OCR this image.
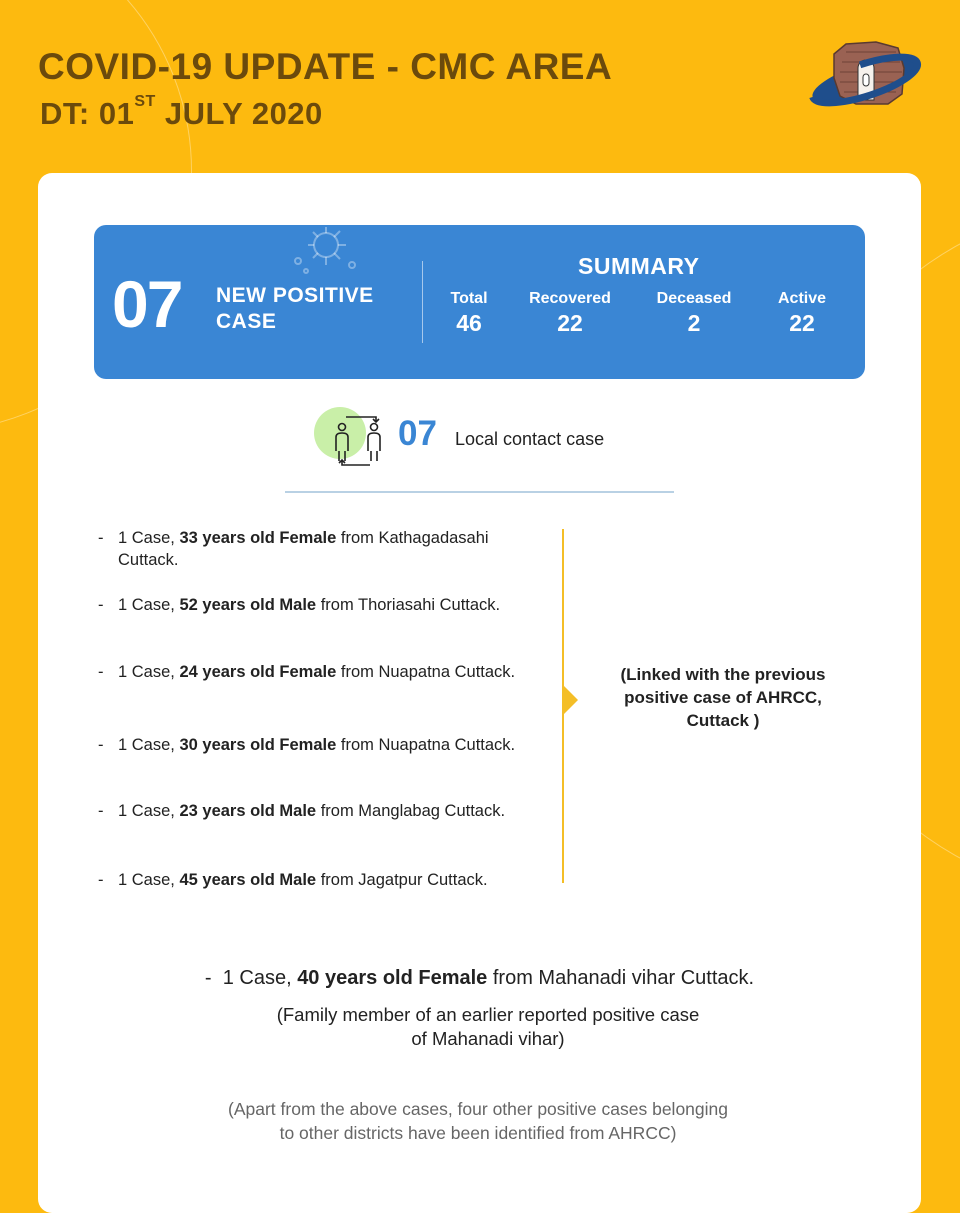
COVID-19 UPDATE - CMC AREA
DT: 01ST JULY 2020
07 NEW POSITIVE
CASE
SUMMARY
Total
46
Recovered
22
Deceased
2
Active
22
07 Local contact case
- 1 Case, 33 years old Female from Kathagadasahi Cuttack.
- 1 Case, 52 years old Male from Thoriasahi Cuttack.
- 1 Case, 24 years old Female from Nuapatna Cuttack.
- 1 Case, 30 years old Female from Nuapatna Cuttack.
- 1 Case, 23 years old Male from Manglabag Cuttack.
- 1 Case, 45 years old Male from Jagatpur Cuttack.
(Linked with the previous positive case of AHRCC, Cuttack )
-  1 Case, 40 years old Female from Mahanadi vihar Cuttack.
(Family member of an earlier reported positive case
of Mahanadi vihar)
(Apart from the above cases, four other positive cases belonging
to other districts have been identified from AHRCC)
